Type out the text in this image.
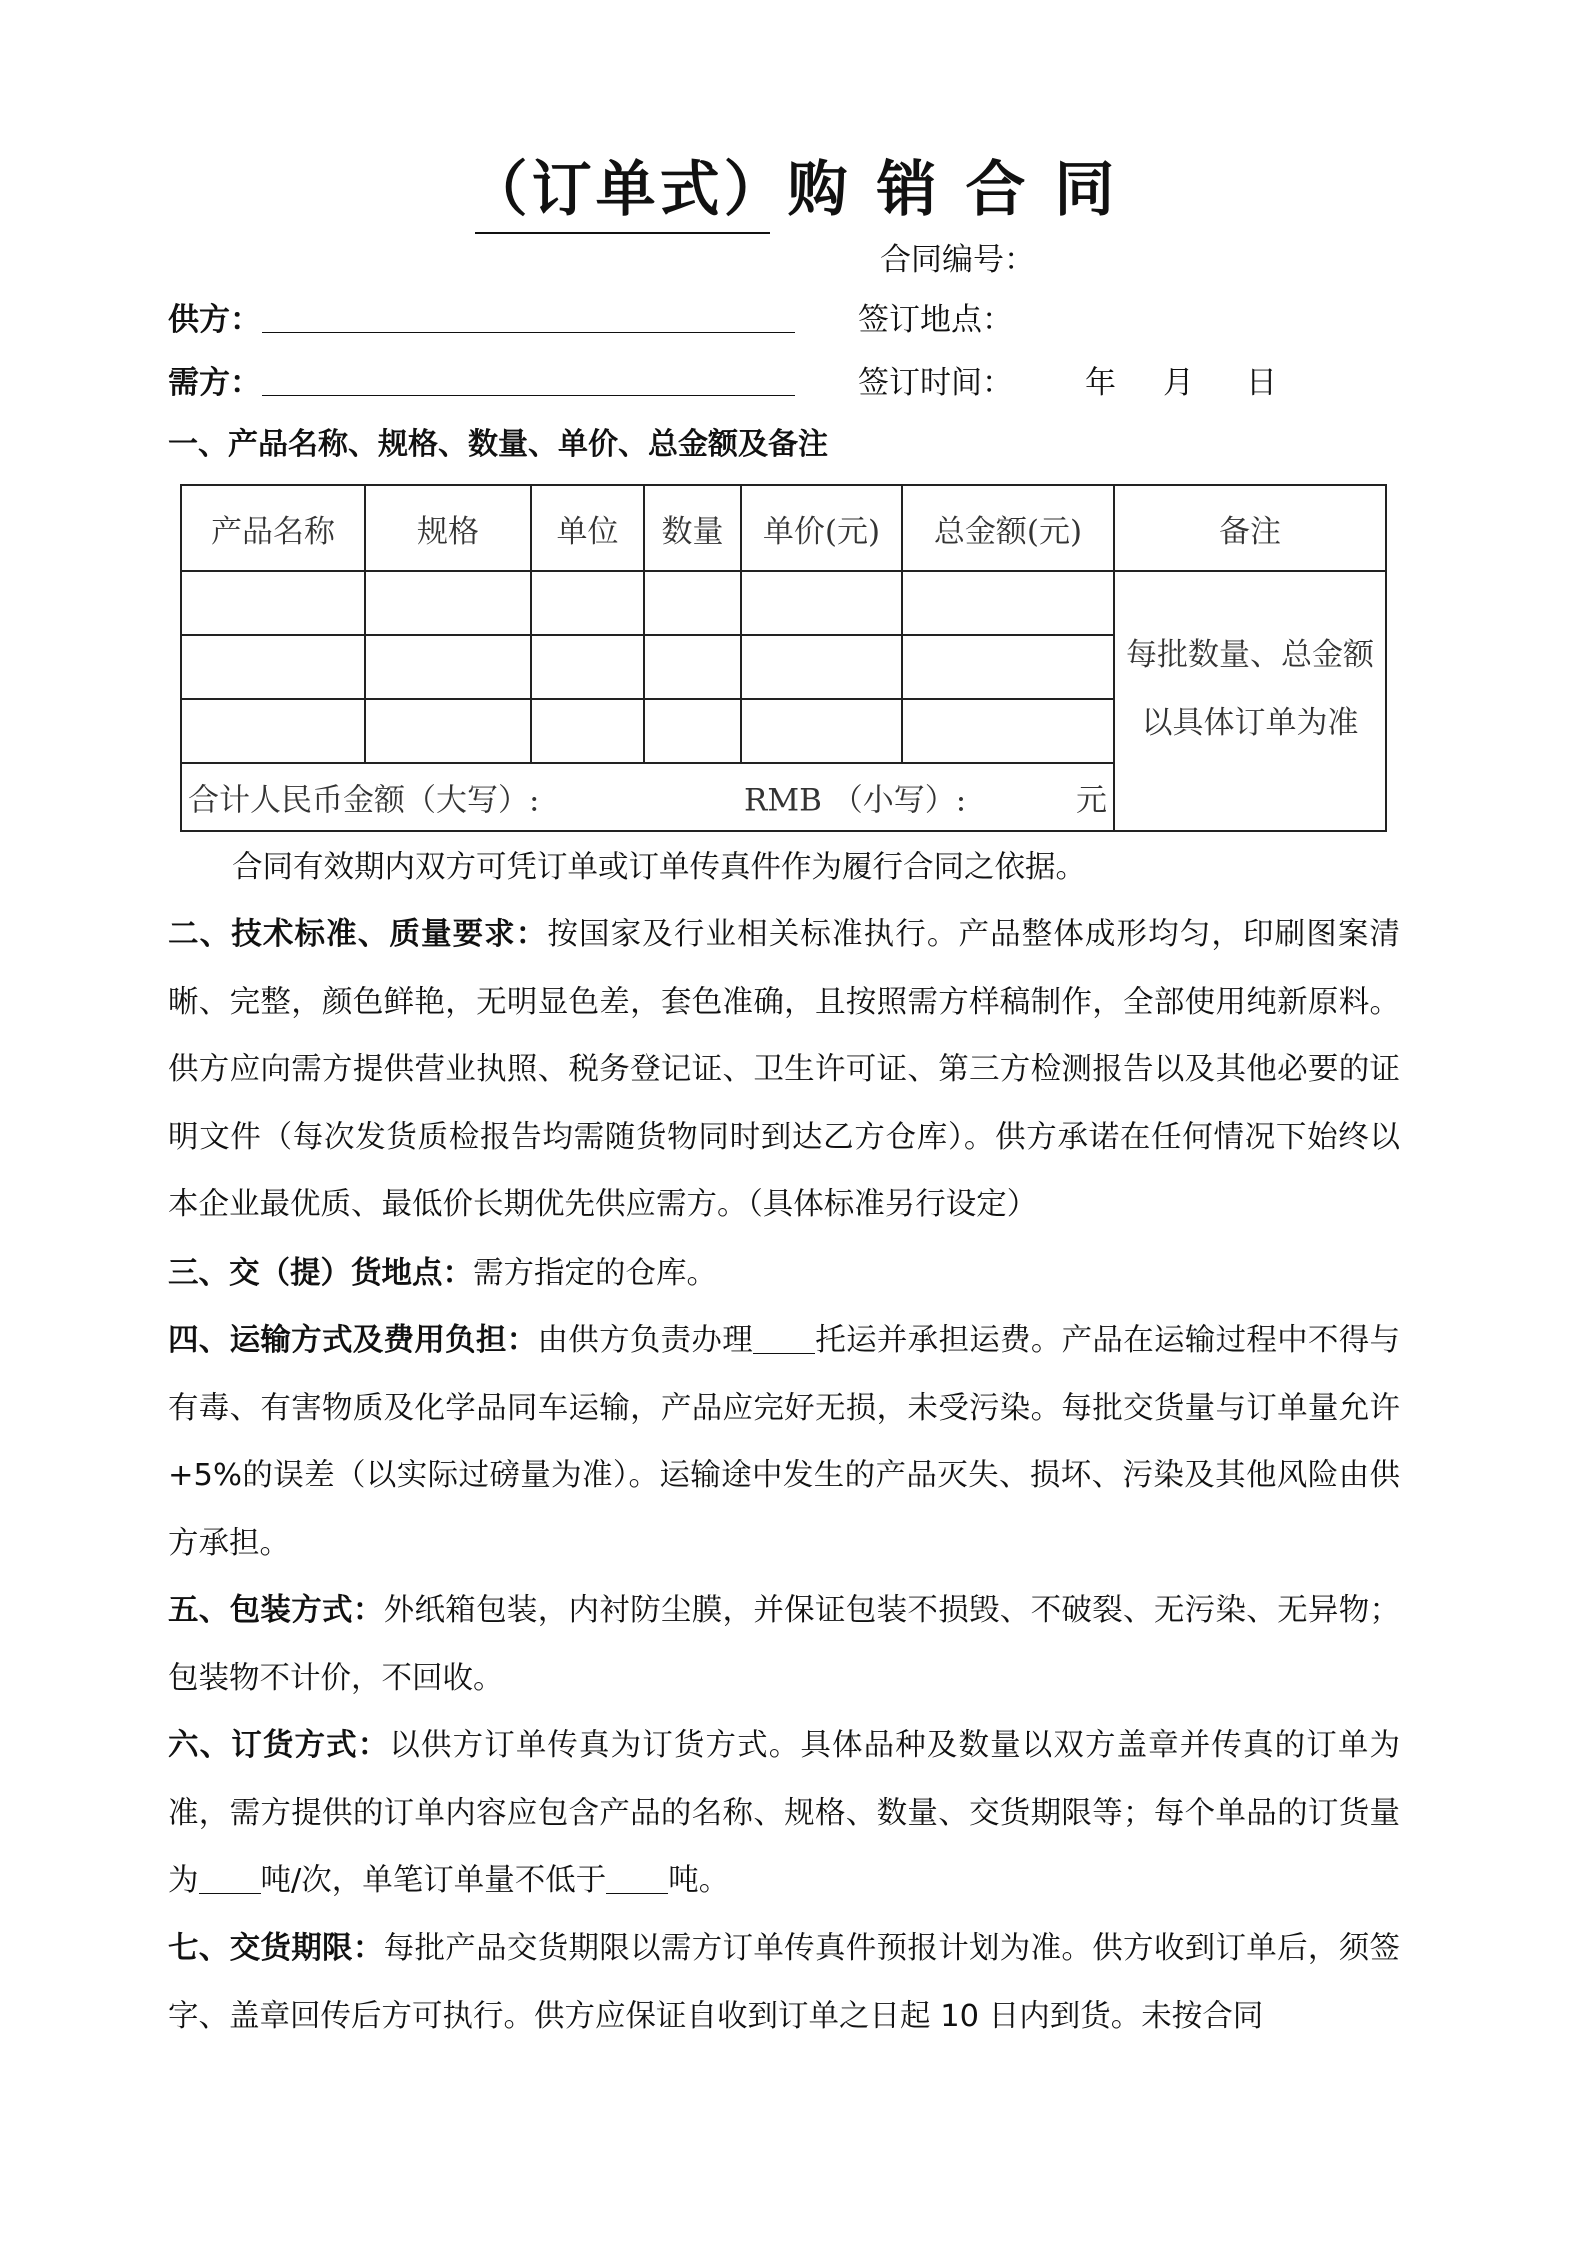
（订单式）购 销 合 同
合同编号：
供方：	签订地点：
需方：	签订时间： 年 月 日
一、产品名称、规格、数量、单价、总金额及备注
产品名称	规格	单位	数量	单价(元)	总金额(元)	备注

						每批数量、总金额
以具体订单为准

合计人民币金额（大写）: RMB （小写）: 元						
合同有效期内双方可凭订单或订单传真件作为履行合同之依据。
二、技术标准、质量要求：按国家及行业相关标准执行。产品整体成形均匀，印刷图案清晰、完整，颜色鲜艳，无明显色差，套色准确，且按照需方样稿制作，全部使用纯新原料。供方应向需方提供营业执照、税务登记证、卫生许可证、第三方检测报告以及其他必要的证明文件（每次发货质检报告均需随货物同时到达乙方仓库）。供方承诺在任何情况下始终以本企业最优质、最低价长期优先供应需方。（具体标准另行设定）
三、交（提）货地点：需方指定的仓库。
四、运输方式及费用负担：由供方负责办理 托运并承担运费。产品在运输过程中不得与有毒、有害物质及化学品同车运输，产品应完好无损，未受污染。每批交货量与订单量允许+5%的误差（以实际过磅量为准）。运输途中发生的产品灭失、损坏、污染及其他风险由供方承担。
五、包装方式：外纸箱包装，内衬防尘膜，并保证包装不损毁、不破裂、无污染、无异物；包装物不计价，不回收。
六、订货方式：以供方订单传真为订货方式。具体品种及数量以双方盖章并传真的订单为准，需方提供的订单内容应包含产品的名称、规格、数量、交货期限等；每个单品的订货量为 吨/次，单笔订单量不低于 吨。
七、交货期限：每批产品交货期限以需方订单传真件预报计划为准。供方收到订单后，须签字、盖章回传后方可执行。供方应保证自收到订单之日起 10 日内到货。未按合同
